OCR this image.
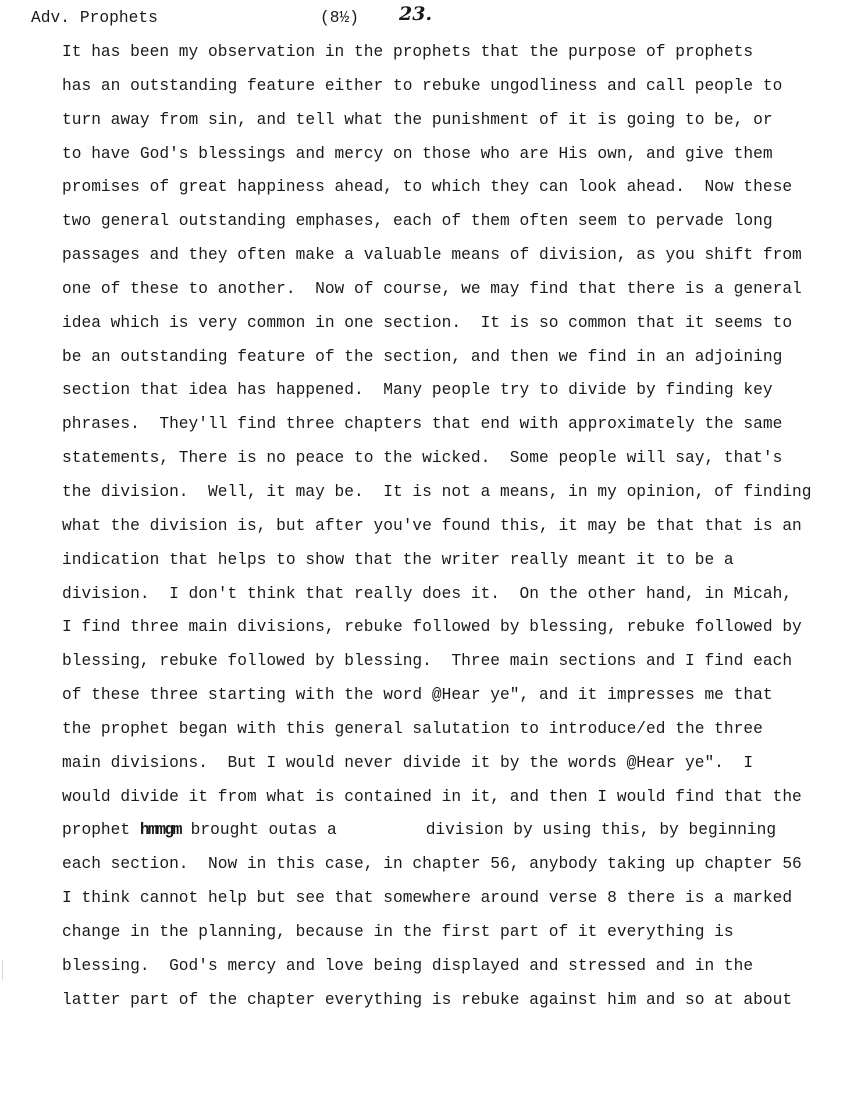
Adv. Prophets	(8½) 23.
It has been my observation in the prophets that the purpose of prophets
has an outstanding feature either to rebuke ungodliness and call people to
turn away from sin, and tell what the punishment of it is going to be, or
to have God's blessings and mercy on those who are His own, and give them
promises of great happiness ahead, to which they can look ahead.  Now these
two general outstanding emphases, each of them often seem to pervade long
passages and they often make a valuable means of division, as you shift from
one of these to another.  Now of course, we may find that there is a general
idea which is very common in one section.  It is so common that it seems to
be an outstanding feature of the section, and then we find in an adjoining
section that idea has happened.  Many people try to divide by finding key
phrases.  They'll find three chapters that end with approximately the same
statements, There is no peace to the wicked.  Some people will say, that's
the division.  Well, it may be.  It is not a means, in my opinion, of finding
what the division is, but after you've found this, it may be that that is an
indication that helps to show that the writer really meant it to be a
division.  I don't think that really does it.  On the other hand, in Micah,
I find three main divisions, rebuke followed by blessing, rebuke followed by
blessing, rebuke followed by blessing.  Three main sections and I find each
of these three starting with the word @Hear ye", and it impresses me that
the prophet began with this general salutation to introduce/ed the three
main divisions.  But I would never divide it by the words @Hear ye".  I
would divide it from what is contained in it, and then I would find that the
prophet hmmgm brought outas a	division by using this, by beginning
each section.  Now in this case, in chapter 56, anybody taking up chapter 56
I think cannot help but see that somewhere around verse 8 there is a marked
change in the planning, because in the first part of it everything is
blessing.  God's mercy and love being displayed and stressed and in the
latter part of the chapter everything is rebuke against him and so at about
